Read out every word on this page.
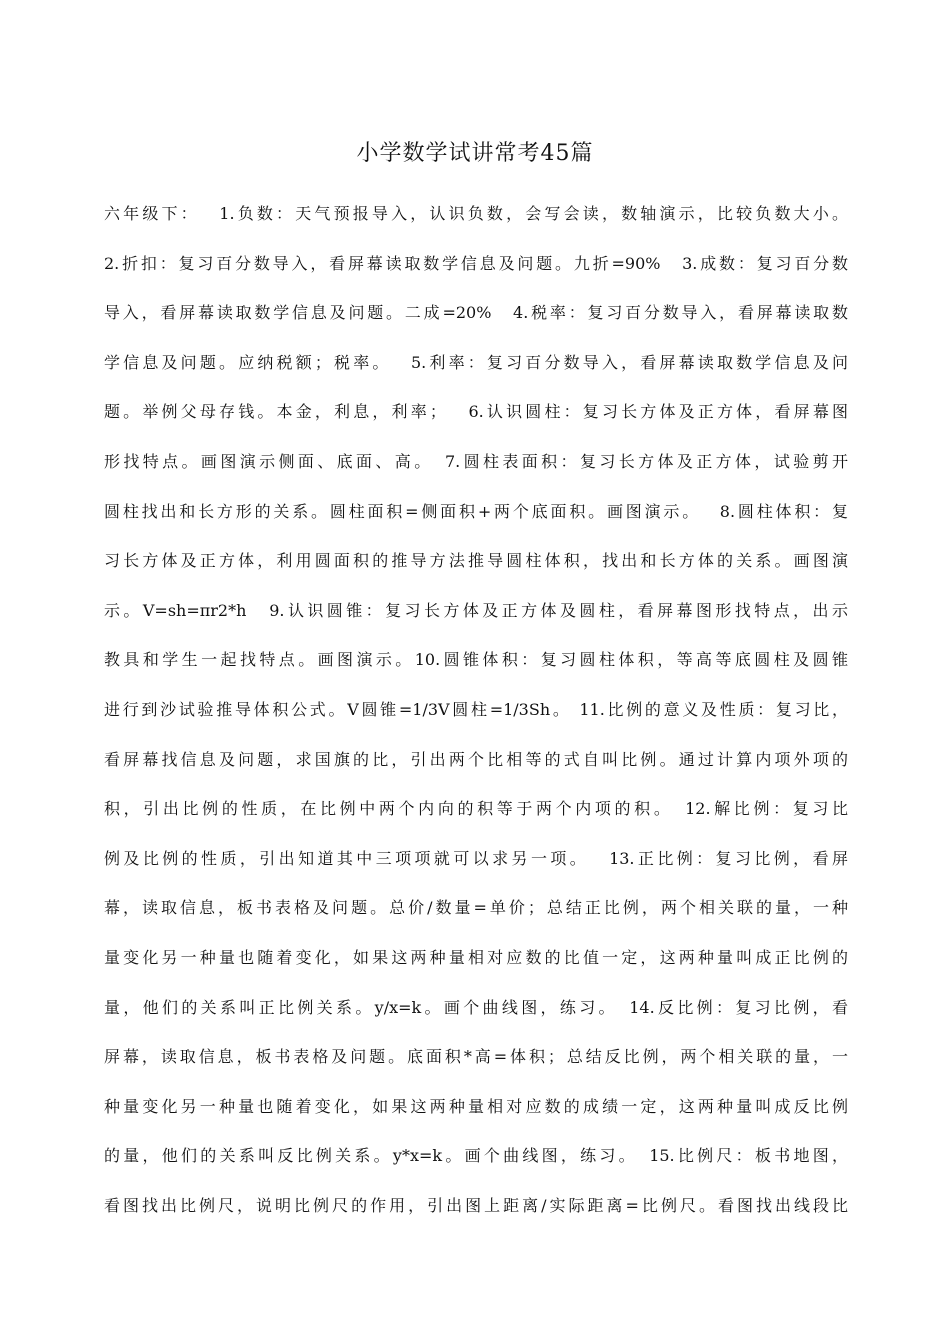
小学数学试讲常考45篇
六年级下：　 1.负数：天气预报导入，认识负数，会写会读，数轴演示，比较负数大小。
2.折扣：复习百分数导入，看屏幕读取数学信息及问题。九折=90%　3.成数：复习百分数
导入，看屏幕读取数学信息及问题。二成=20%　4.税率：复习百分数导入，看屏幕读取数
学信息及问题。应纳税额；税率。　 5.利率：复习百分数导入，看屏幕读取数学信息及问
题。举例父母存钱。本金，利息，利率；　 6.认识圆柱：复习长方体及正方体，看屏幕图
形找特点。画图演示侧面、底面、高。　7.圆柱表面积：复习长方体及正方体，试验剪开
圆柱找出和长方形的关系。圆柱面积=侧面积+两个底面积。画图演示。　 8.圆柱体积：复
习长方体及正方体，利用圆面积的推导方法推导圆柱体积，找出和长方体的关系。画图演
示。V=sh=πr2*h　9.认识圆锥：复习长方体及正方体及圆柱，看屏幕图形找特点，出示
教具和学生一起找特点。画图演示。10.圆锥体积：复习圆柱体积，等高等底圆柱及圆锥
进行到沙试验推导体积公式。V圆锥=1/3V圆柱=1/3Sh。 11.比例的意义及性质：复习比，
看屏幕找信息及问题，求国旗的比，引出两个比相等的式自叫比例。通过计算内项外项的
积，引出比例的性质，在比例中两个内向的积等于两个内项的积。　12.解比例：复习比
例及比例的性质，引出知道其中三项项就可以求另一项。　 13.正比例：复习比例，看屏
幕，读取信息，板书表格及问题。总价/数量=单价；总结正比例，两个相关联的量，一种
量变化另一种量也随着变化，如果这两种量相对应数的比值一定，这两种量叫成正比例的
量，他们的关系叫正比例关系。y/x=k。画个曲线图，练习。　14.反比例：复习比例，看
屏幕，读取信息，板书表格及问题。底面积*高=体积；总结反比例，两个相关联的量，一
种量变化另一种量也随着变化，如果这两种量相对应数的成绩一定，这两种量叫成反比例
的量，他们的关系叫反比例关系。y*x=k。画个曲线图，练习。　15.比例尺：板书地图，
看图找出比例尺，说明比例尺的作用，引出图上距离/实际距离=比例尺。看图找出线段比
